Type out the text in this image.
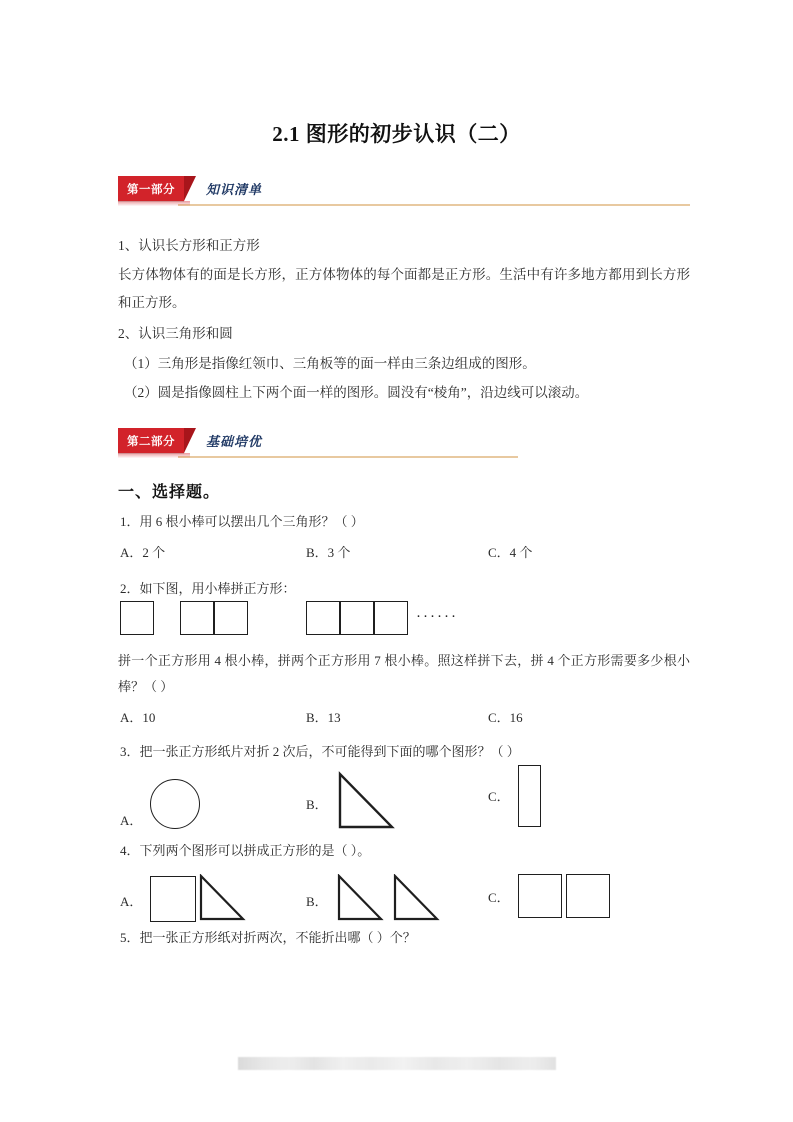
2.1 图形的初步认识（二）
第一部分	知识清单
1、认识长方形和正方形
长方体物体有的面是长方形，正方体物体的每个面都是正方形。生活中有许多地方都用到长方形和正方形。
2、认识三角形和圆
（1）三角形是指像红领巾、三角板等的面一样由三条边组成的图形。
（2）圆是指像圆柱上下两个面一样的图形。圆没有“棱角”，沿边线可以滚动。
第二部分	基础培优
一、选择题。
1．用 6 根小棒可以摆出几个三角形？（ ）
A．2 个	B．3 个	C．4 个
2．如下图，用小棒拼正方形：
······
拼一个正方形用 4 根小棒，拼两个正方形用 7 根小棒。照这样拼下去，拼 4 个正方形需要多少根小棒？（ ）
A．10	B．13	C．16
3．把一张正方形纸片对折 2 次后，不可能得到下面的哪个图形？（ ）
A．
B．
C．
4．下列两个图形可以拼成正方形的是（ ）。
A．	B．	C．
5．把一张正方形纸对折两次，不能折出哪（ ）个？
